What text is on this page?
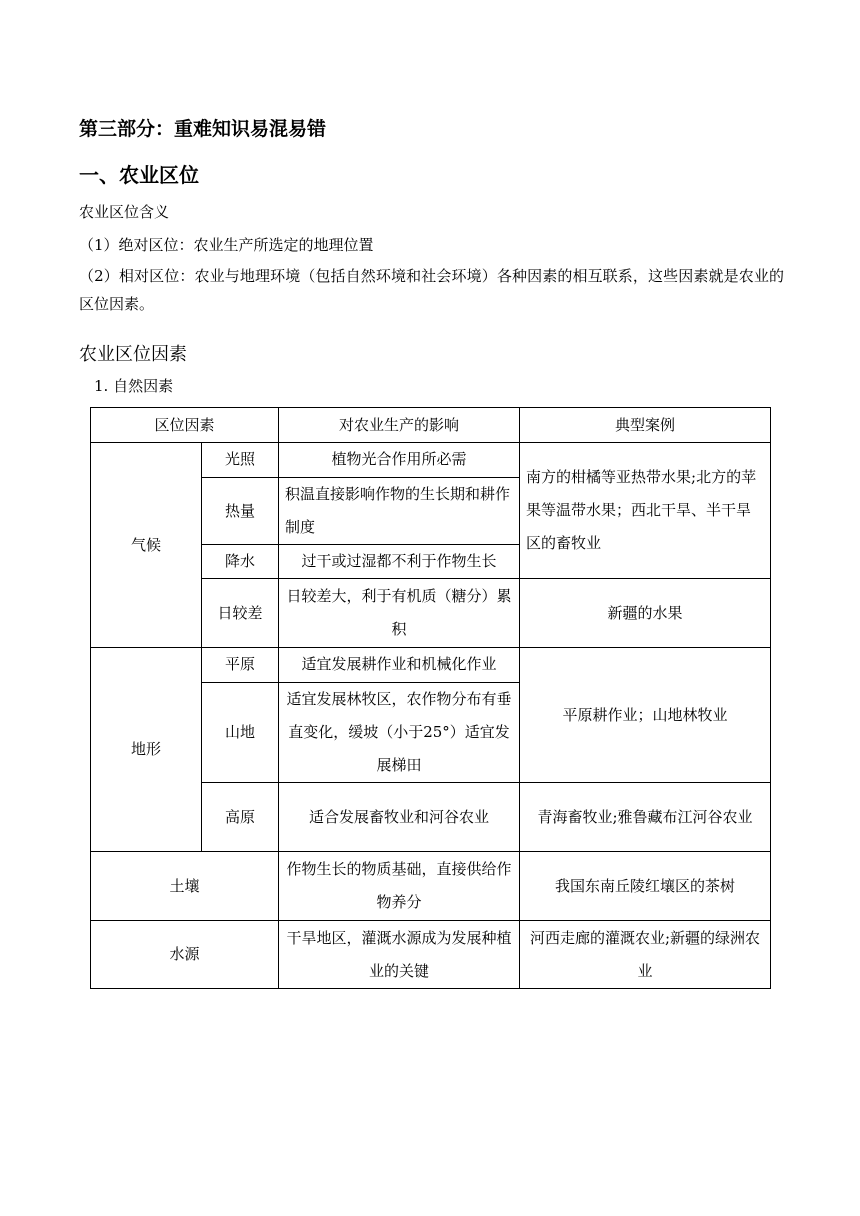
第三部分：重难知识易混易错
一、农业区位
农业区位含义
（1）绝对区位：农业生产所选定的地理位置
（2）相对区位：农业与地理环境（包括自然环境和社会环境）各种因素的相互联系，这些因素就是农业的区位因素。
农业区位因素
1. 自然因素
区位因素		对农业生产的影响	典型案例
气候	光照	植物光合作用所必需	南方的柑橘等亚热带水果;北方的苹果等温带水果；西北干旱、半干旱区的畜牧业
	热量	积温直接影响作物的生长期和耕作制度	
	降水	过干或过湿都不利于作物生长	
	日较差	日较差大，利于有机质（糖分）累积	新疆的水果
地形	平原	适宜发展耕作业和机械化作业	平原耕作业；山地林牧业
	山地	适宜发展林牧区，农作物分布有垂直变化，缓坡（小于25°）适宜发展梯田	
	高原	适合发展畜牧业和河谷农业	青海畜牧业;雅鲁藏布江河谷农业
土壤		作物生长的物质基础，直接供给作物养分	我国东南丘陵红壤区的茶树
水源		干旱地区，灌溉水源成为发展种植业的关键	河西走廊的灌溉农业;新疆的绿洲农业
